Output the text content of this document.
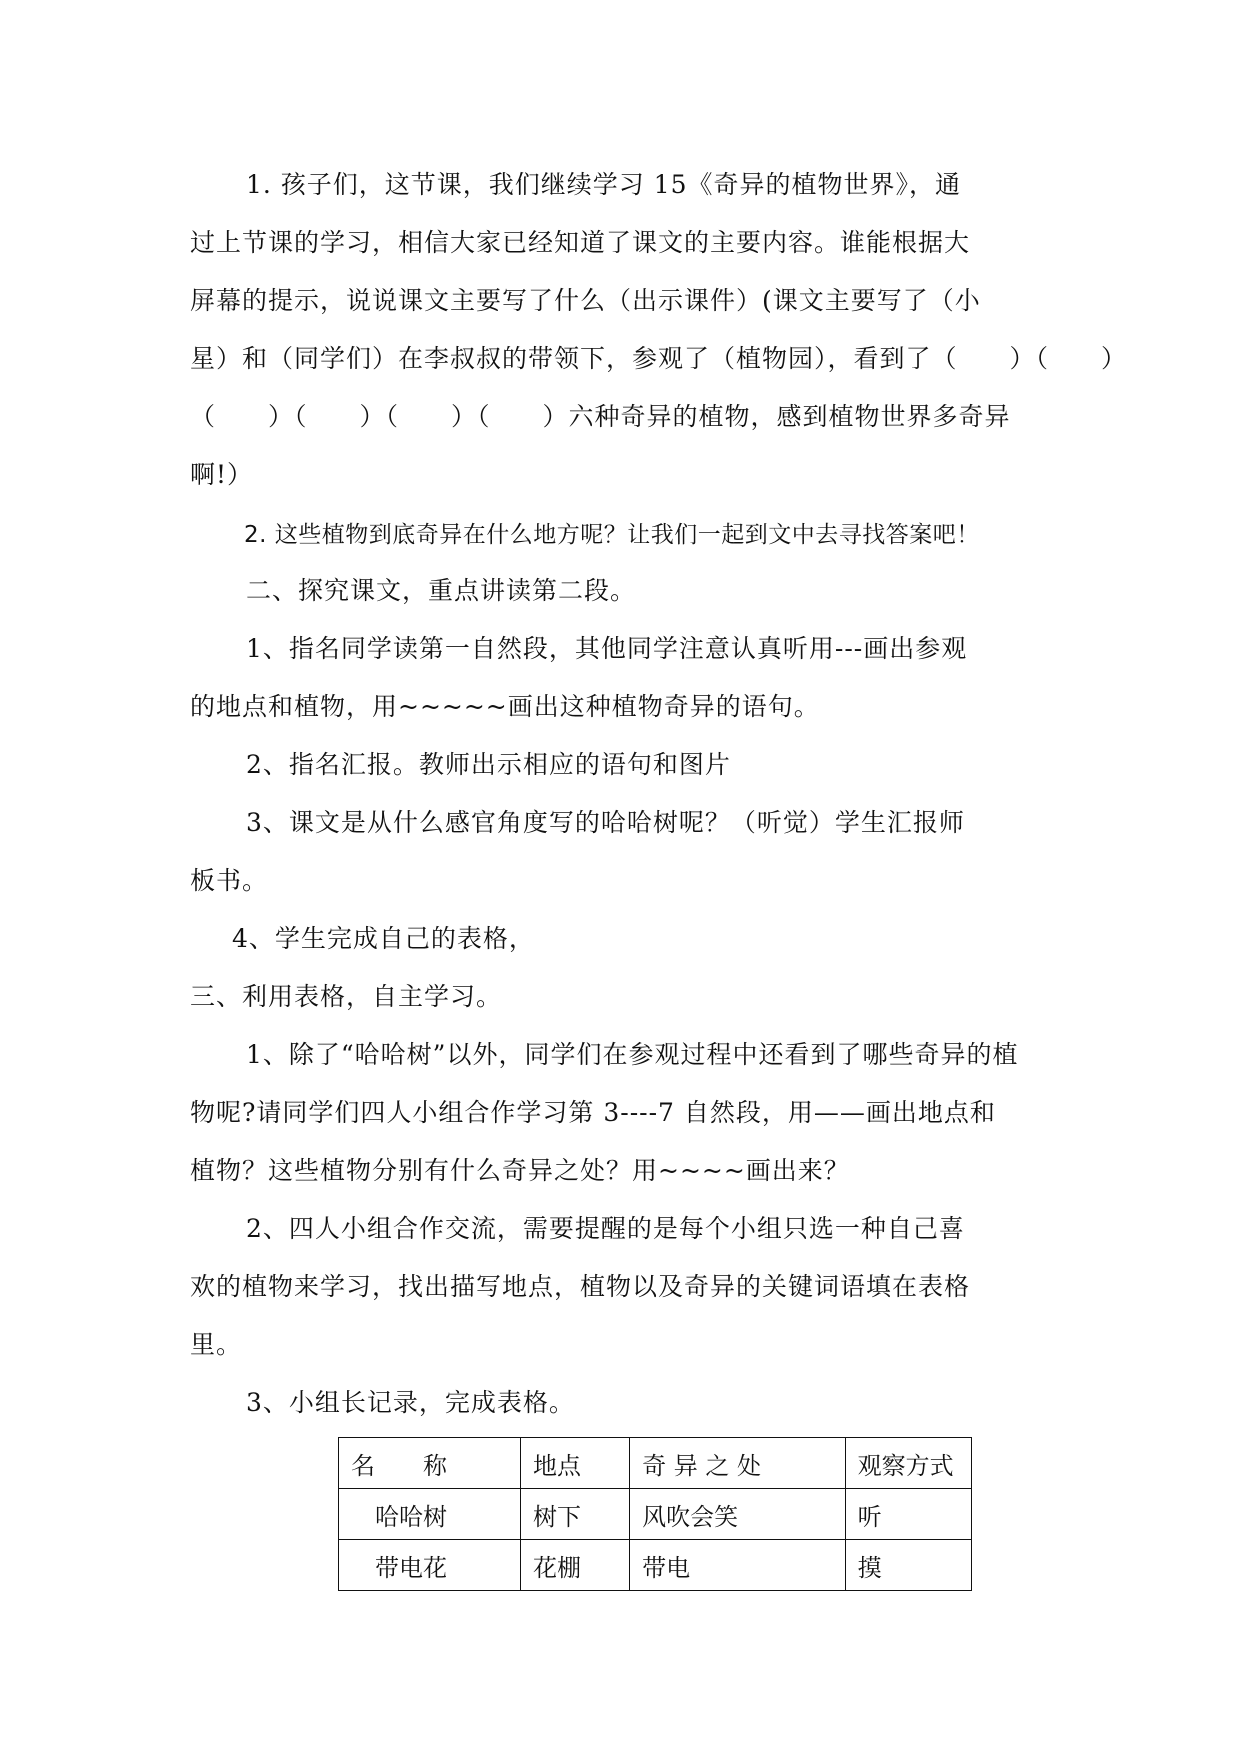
1. 孩子们，这节课，我们继续学习 15《奇异的植物世界》，通
过上节课的学习，相信大家已经知道了课文的主要内容。谁能根据大
屏幕的提示，说说课文主要写了什么（出示课件）(课文主要写了（小
星）和（同学们）在李叔叔的带领下，参观了（植物园），看到了（　　）（　　）
（　　）（　　）（　　）（　　）六种奇异的植物，感到植物世界多奇异
啊!）
2. 这些植物到底奇异在什么地方呢？让我们一起到文中去寻找答案吧！
二、探究课文，重点讲读第二段。
1、指名同学读第一自然段，其他同学注意认真听用---画出参观
的地点和植物，用~~~~~画出这种植物奇异的语句。
2、指名汇报。教师出示相应的语句和图片
3、课文是从什么感官角度写的哈哈树呢？（听觉）学生汇报师
板书。
4、学生完成自己的表格，
三、利用表格，自主学习。
1、除了“哈哈树”以外，同学们在参观过程中还看到了哪些奇异的植
物呢?请同学们四人小组合作学习第 3----7 自然段，用——画出地点和
植物？这些植物分别有什么奇异之处？用~~~~画出来？
2、四人小组合作交流，需要提醒的是每个小组只选一种自己喜
欢的植物来学习，找出描写地点，植物以及奇异的关键词语填在表格
里。
3、小组长记录，完成表格。
名　　称	地点	奇 异 之 处	观察方式
哈哈树	树下	风吹会笑	听
带电花	花棚	带电	摸
